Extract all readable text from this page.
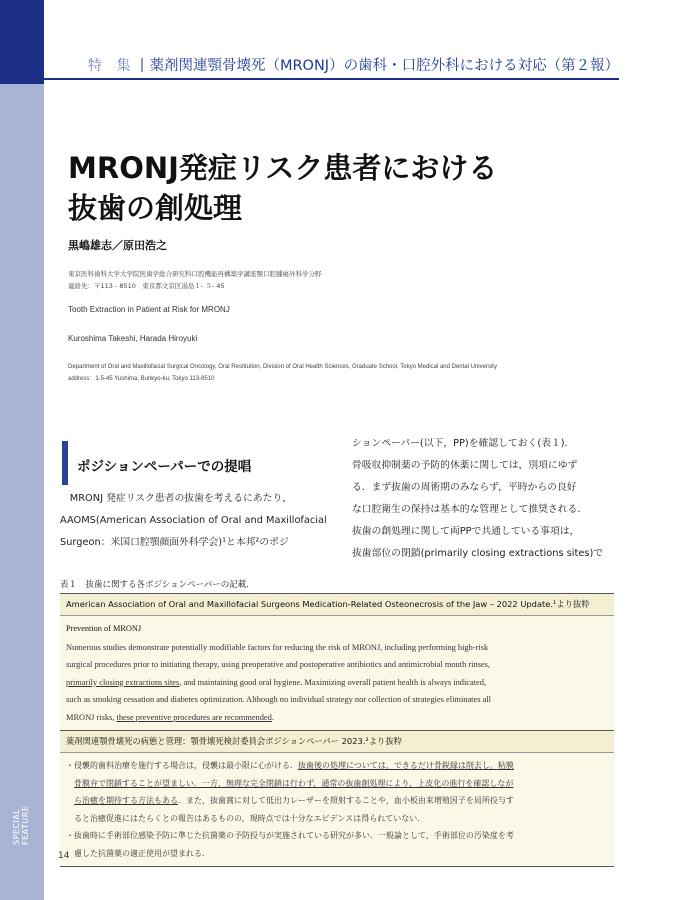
SPECIAL FEATURE
特 集 薬剤関連顎骨壊死（MRONJ）の歯科・口腔外科における対応（第２報）
MRONJ発症リスク患者における
抜歯の創処理
黒嶋雄志／原田浩之
東京医科歯科大学大学院医歯学総合研究科口腔機能再構築学講座顎口腔腫瘍外科学分野
連絡先：〒113 - 8510　東京都文京区湯島１- ５- 45
Tooth Extraction in Patient at Risk for MRONJ
Kuroshima Takeshi, Harada Hiroyuki
Department of Oral and Maxillofacial Surgical Oncology, Oral Restitution, Division of Oral Health Sciences, Graduate School, Tokyo Medical and Dental University
address：1-5-45 Yushima, Bunkyo-ku, Tokyo 113-8510
ポジションペーパーでの提唱
　MRONJ 発症リスク患者の抜歯を考えるにあたり，
AAOMS(American Association of Oral and Maxillofacial
Surgeon：米国口腔顎顔面外科学会)¹と本邦²のポジ
ションペーパー(以下，PP)を確認しておく(表１)．
骨吸収抑制薬の予防的休薬に関しては，別項にゆず
る．まず抜歯の周術期のみならず，平時からの良好
な口腔衛生の保持は基本的な管理として推奨される．
抜歯の創処理に関して両PPで共通している事項は，
抜歯部位の閉鎖(primarily closing extractions sites)で
表１　抜歯に関する各ポジションペーパーの記載．
American Association of Oral and Maxillofacial Surgeons Medication-Related Osteonecrosis of the Jaw – 2022 Update.¹より抜粋
Prevention of MRONJ
Numerous studies demonstrate potentially modifiable factors for reducing the risk of MRONJ, including performing high-risk
surgical procedures prior to initiating therapy, using preoperative and postoperative antibiotics and antimicrobial mouth rinses,
primarily closing extractions sites, and maintaining good oral hygiene. Maximizing overall patient health is always indicated,
such as smoking cessation and diabetes optimization. Although no individual strategy nor collection of strategies eliminates all
MRONJ risks, these preventive procedures are recommended.
薬剤関連顎骨壊死の病態と管理：顎骨壊死検討委員会ポジションペーパー 2023.²より抜粋
・侵襲的歯科治療を施行する場合は，侵襲は最小限に心がける．抜歯後の処理については，できるだけ骨鋭縁は削去し，粘膜
　骨膜弁で閉鎖することが望ましい．一方，無理な完全閉鎖は行わず，通常の抜歯創処理により，上皮化の進行を確認しなが
　ら治癒を期待する方法もある．また，抜歯窩に対して低出力レーザーを照射することや，血小板由来増殖因子を局所投与す
　ると治癒促進にはたらくとの報告はあるものの，現時点では十分なエビデンスは得られていない．
・抜歯時に手術部位感染予防に準じた抗菌薬の予防投与が実施されている研究が多い．一般論として，手術部位の汚染度を考
　慮した抗菌薬の適正使用が望まれる．
14
